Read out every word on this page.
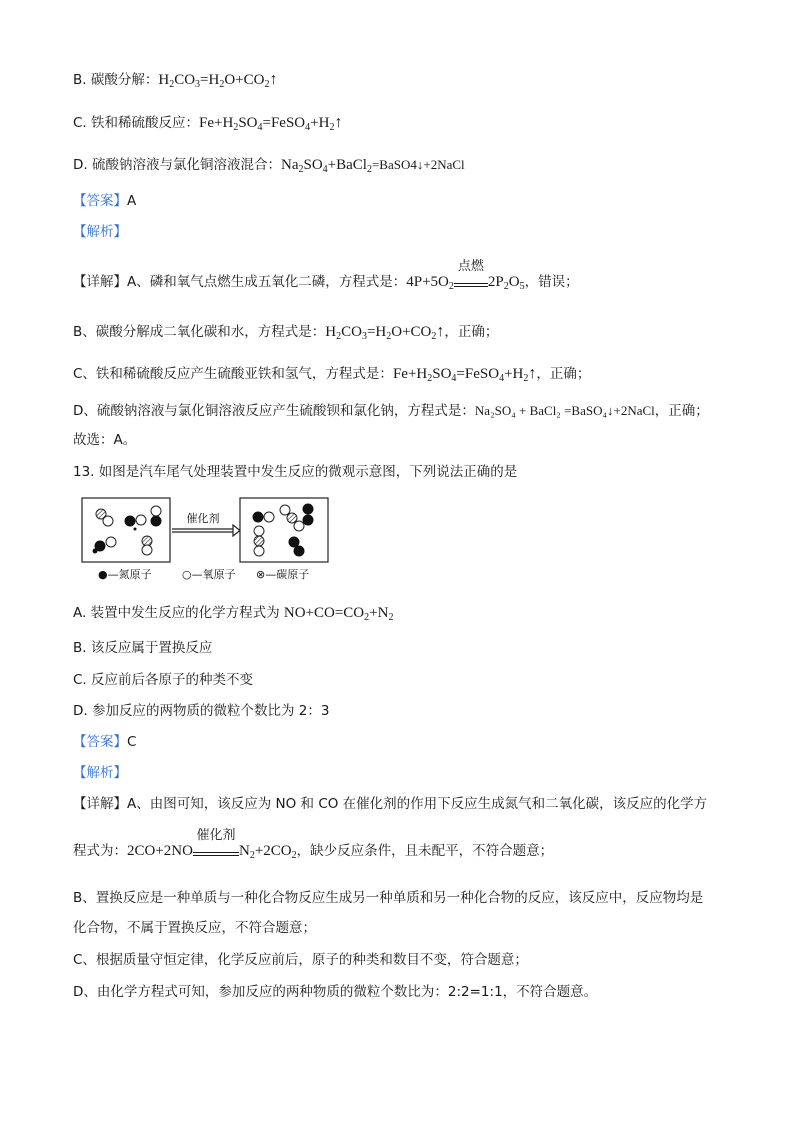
B. 碳酸分解：$H_2CO_3=H_2O+CO_2↑$
C. 铁和稀硫酸反应：$Fe+H_2SO_4=FeSO_4+H_2↑$
D. 硫酸钠溶液与氯化铜溶液混合：$Na_2SO_4+BaCl_2=BaSO4↓+2NaCl$
【答案】A
【解析】
【详解】A、磷和氧气点燃生成五氧化二磷，方程式是：$4P+5O_2$
点燃
$2P_2O_5$，错误；
B、碳酸分解成二氧化碳和水，方程式是：$H_2CO_3=H_2O+CO_2↑$，正确；
C、铁和稀硫酸反应产生硫酸亚铁和氢气，方程式是：$Fe+H_2SO_4=FeSO_4+H_2↑$，正确；
D、硫酸钠溶液与氯化铜溶液反应产生硫酸钡和氯化钠，方程式是：Na₂SO₄ + BaCl₂ =BaSO₄↓+2NaCl，正确；
故选：A。
13. 如图是汽车尾气处理装置中发生反应的微观示意图，下列说法正确的是
催化剂
●—氮原子	○—氧原子 ⊗—碳原子
A. 装置中发生反应的化学方程式为 $NO+CO=CO_2+N_2$
B. 该反应属于置换反应
C. 反应前后各原子的种类不变
D. 参加反应的两物质的微粒个数比为 2：3
【答案】C
【解析】
【详解】A、由图可知，该反应为 NO 和 CO 在催化剂的作用下反应生成氮气和二氧化碳，该反应的化学方
程式为：2CO+2NO
催化剂
$N_2+2CO_2$，缺少反应条件，且未配平，不符合题意；
B、置换反应是一种单质与一种化合物反应生成另一种单质和另一种化合物的反应，该反应中，反应物均是
化合物，不属于置换反应，不符合题意；
C、根据质量守恒定律，化学反应前后，原子的种类和数目不变，符合题意；
D、由化学方程式可知，参加反应的两种物质的微粒个数比为：2:2=1:1，不符合题意。
